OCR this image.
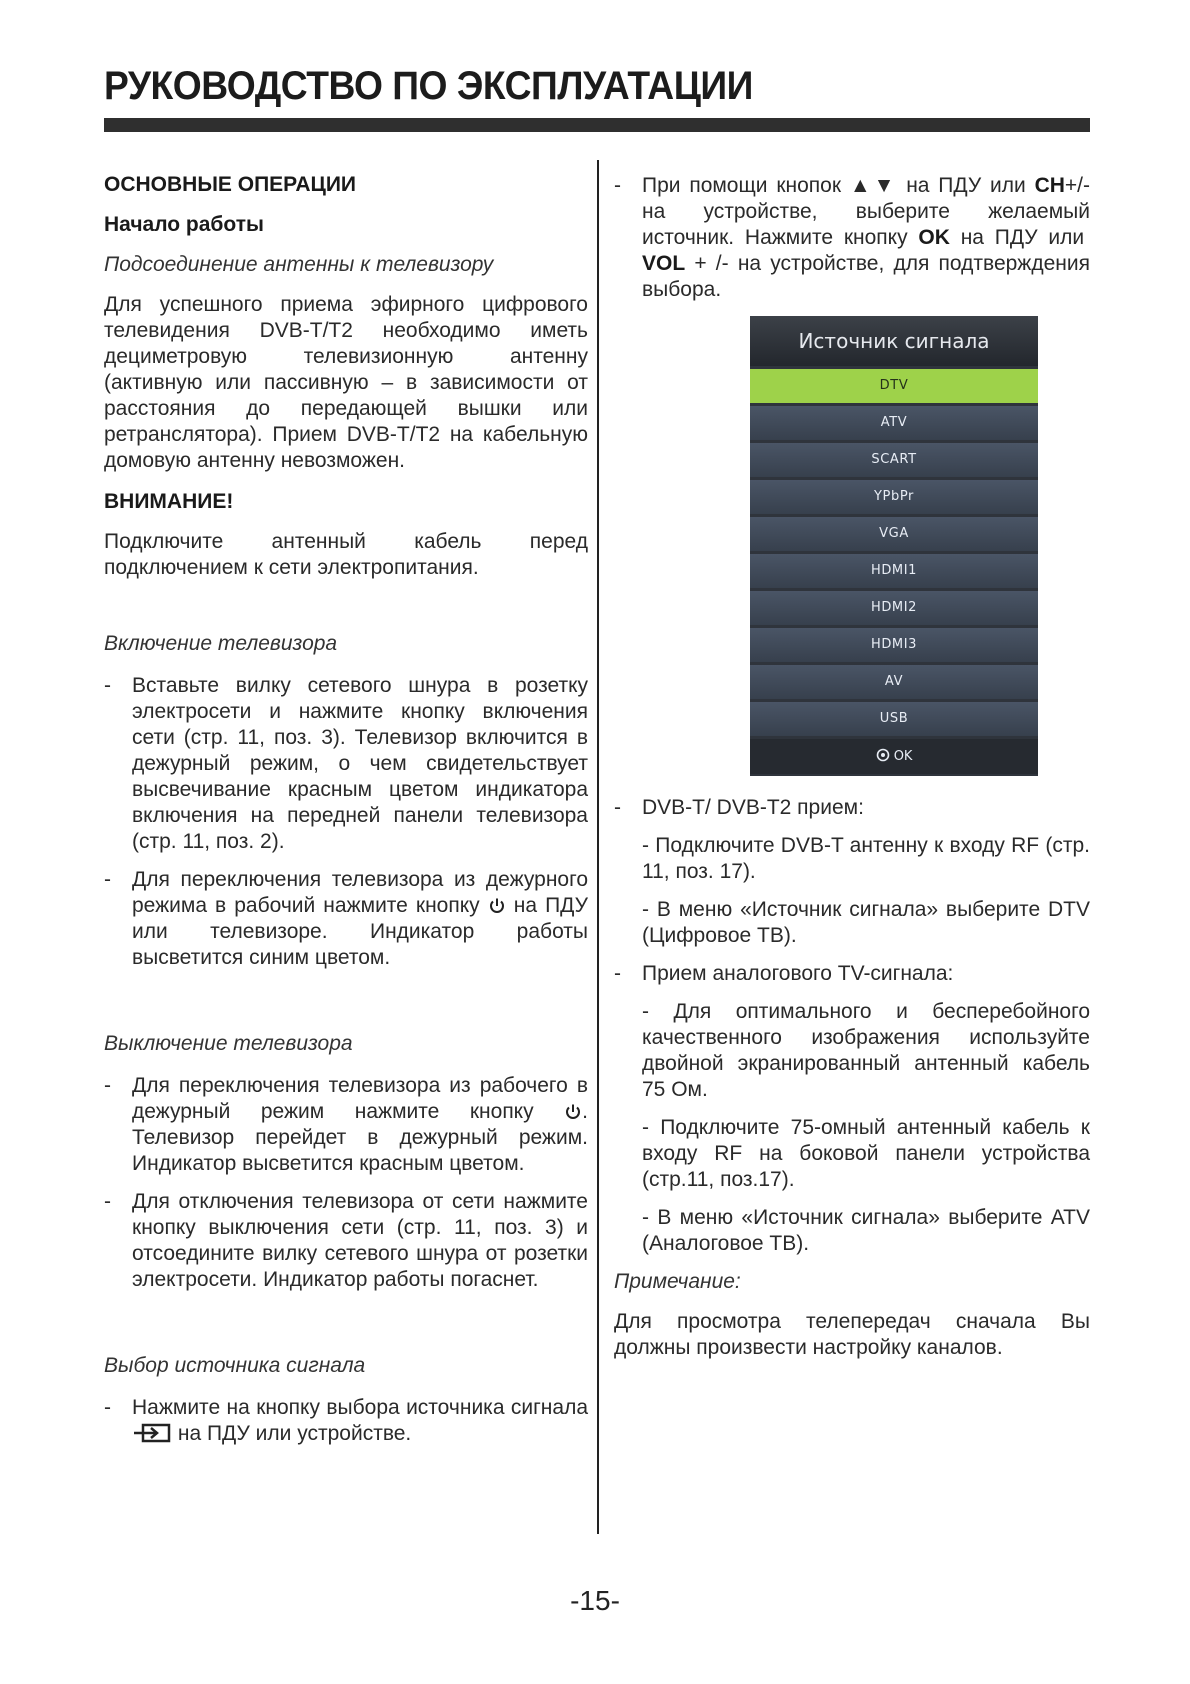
РУКОВОДСТВО ПО ЭКСПЛУАТАЦИИ

ОСНОВНЫЕ ОПЕРАЦИИ

Начало работы

Подсоединение антенны к телевизору

Для успешного приема эфирного цифрового телевидения DVB-T/T2 необходимо иметь дециметровую телевизионную антенну (активную или пассивную – в зависимости от расстояния до передающей вышки или ретранслятора). Прием DVB-T/T2 на кабельную домовую антенну невозможен.

ВНИМАНИЕ!

Подключите антенный кабель перед подключением к сети электропитания.

Включение телевизора

- Вставьте вилку сетевого шнура в розетку электросети и нажмите кнопку включения сети (стр. 11, поз. 3). Телевизор включится в дежурный режим, о чем свидетельствует высвечивание красным цветом индикатора включения на передней панели телевизора (стр. 11, поз. 2).
- Для переключения телевизора из дежурного режима в рабочий нажмите кнопку на ПДУ или телевизоре. Индикатор работы высветится синим цветом.

Выключение телевизора

- Для переключения телевизора из рабочего в дежурный режим нажмите кнопку . Телевизор перейдет в дежурный режим. Индикатор высветится красным цветом.
- Для отключения телевизора от сети нажмите кнопку выключения сети (стр. 11, поз. 3) и отсоедините вилку сетевого шнура от розетки электросети. Индикатор работы погаснет.

Выбор источника сигнала

- Нажмите на кнопку выбора источника сигнала  на ПДУ или устройстве.
- При помощи кнопок ▲▼ на ПДУ или CH+/- на устройстве, выберите желаемый источник. Нажмите кнопку OK на ПДУ или  VOL + /- на устройстве, для подтверждения выбора.
Источник сигнала
DTV
ATV
SCART
YPbPr
VGA
HDMI1
HDMI2
HDMI3
AV
USB
OK
- DVB-T/ DVB-T2 прием:

- Подключите DVB-T антенну к входу RF (стр. 11, поз. 17).

- В меню «Источник сигнала» выберите DTV (Цифровое ТВ).

- Прием аналогового TV-сигнала:

- Для оптимального и бесперебойного качественного изображения используйте двойной экранированный антенный кабель 75 Ом.

- Подключите 75-омный антенный кабель к входу RF на боковой панели устройства (стр.11, поз.17).

- В меню «Источник сигнала» выберите ATV (Аналоговое ТВ).

Примечание:

Для просмотра телепередач сначала Вы должны произвести настройку каналов.

-15-
